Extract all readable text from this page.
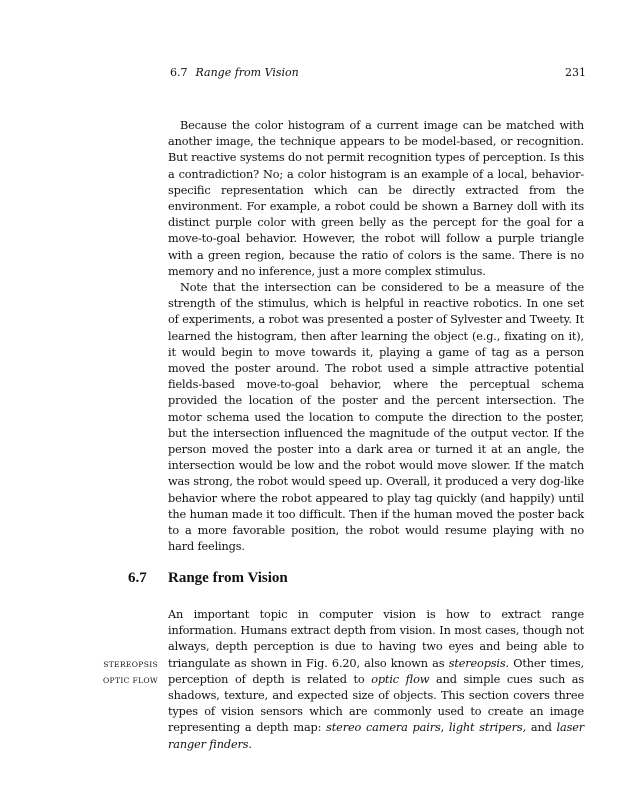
6.7 Range from Vision	231

Because the color histogram of a current image can be matched with another image, the technique appears to be model-based, or recognition. But reactive systems do not permit recognition types of perception. Is this a contradiction? No; a color histogram is an example of a local, behavior-specific representation which can be directly extracted from the environment. For example, a robot could be shown a Barney doll with its distinct purple color with green belly as the percept for the goal for a move-to-goal behavior. However, the robot will follow a purple triangle with a green region, because the ratio of colors is the same. There is no memory and no inference, just a more complex stimulus.

Note that the intersection can be considered to be a measure of the strength of the stimulus, which is helpful in reactive robotics. In one set of experiments, a robot was presented a poster of Sylvester and Tweety. It learned the histogram, then after learning the object (e.g., fixating on it), it would begin to move towards it, playing a game of tag as a person moved the poster around. The robot used a simple attractive potential fields-based move-to-goal behavior, where the perceptual schema provided the location of the poster and the percent intersection. The motor schema used the location to compute the direction to the poster, but the intersection influenced the magnitude of the output vector. If the person moved the poster into a dark area or turned it at an angle, the intersection would be low and the robot would move slower. If the match was strong, the robot would speed up. Overall, it produced a very dog-like behavior where the robot appeared to play tag quickly (and happily) until the human made it too difficult. Then if the human moved the poster back to a more favorable position, the robot would resume playing with no hard feelings.

6.7 Range from Vision

An important topic in computer vision is how to extract range information. Humans extract depth from vision. In most cases, though not always, depth perception is due to having two eyes and being able to triangulate as shown in Fig. 6.20, also known as stereopsis. Other times, perception of depth is related to optic flow and simple cues such as shadows, texture, and expected size of objects. This section covers three types of vision sensors which are commonly used to create an image representing a depth map: stereo camera pairs, light stripers, and laser ranger finders.

STEREOPSIS
OPTIC FLOW
